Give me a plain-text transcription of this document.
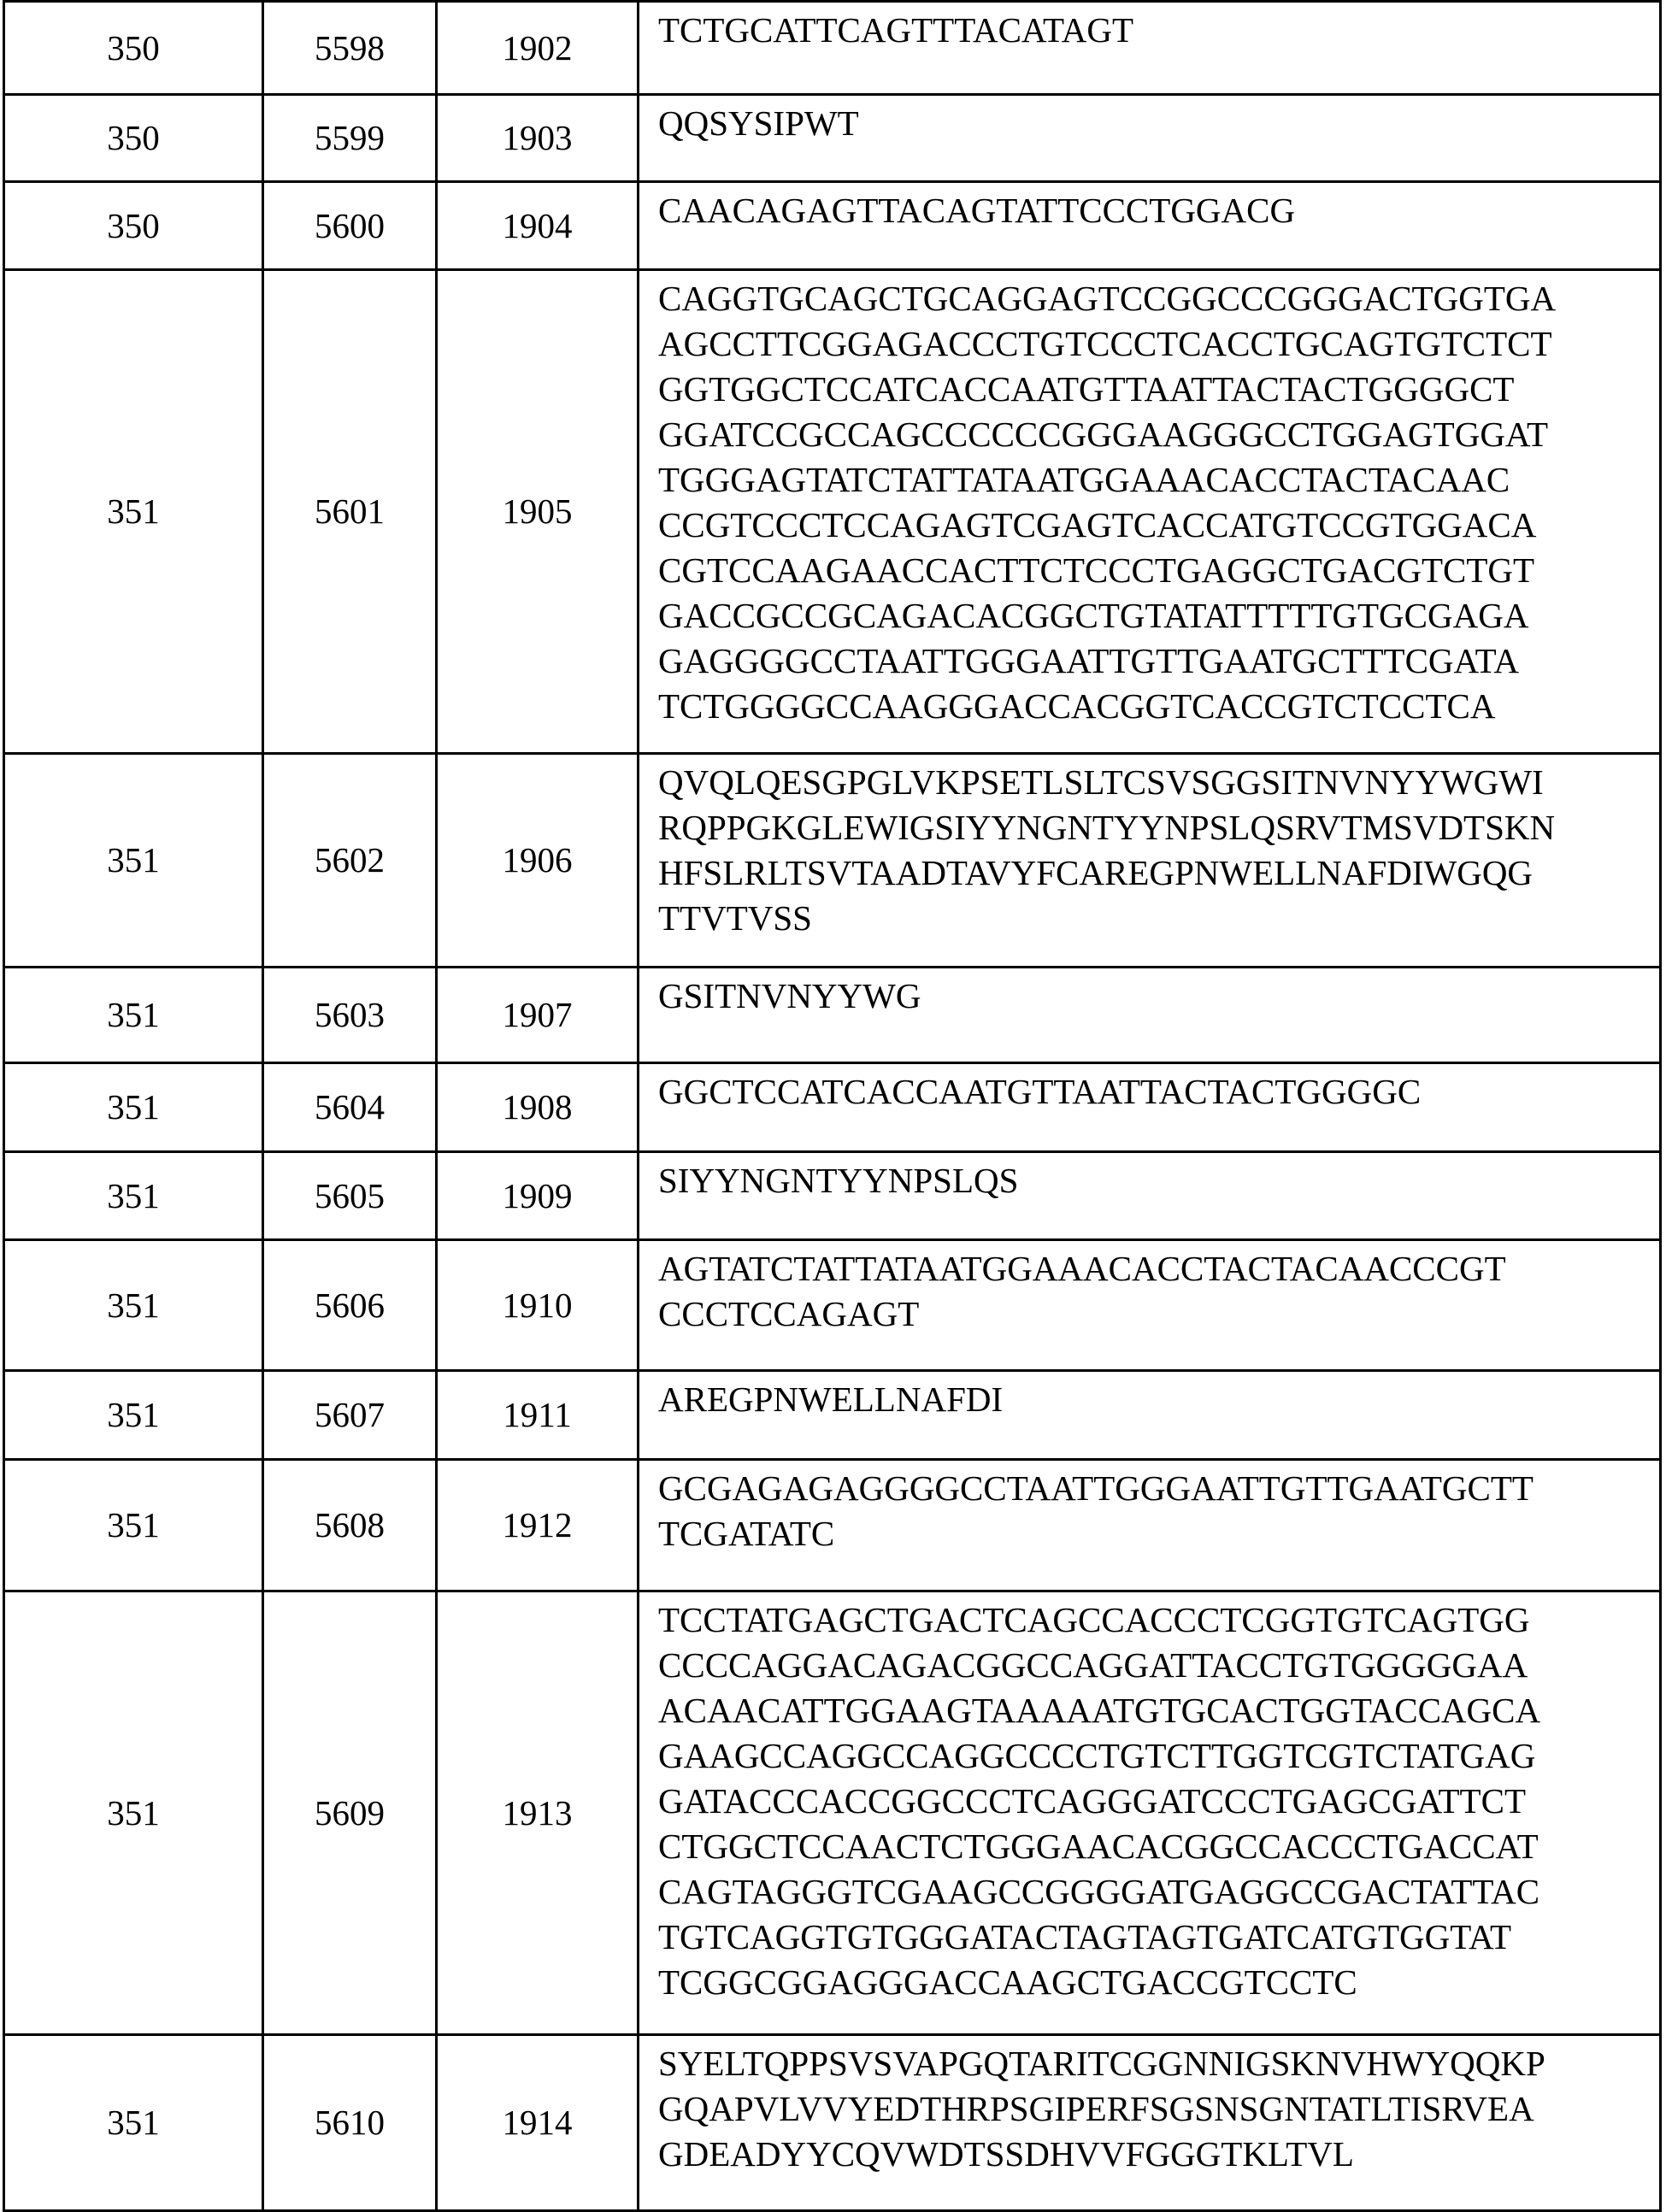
350	5598	1902	TCTGCATTCAGTTTACATAGT
350	5599	1903	QQSYSIPWT
350	5600	1904	CAACAGAGTTACAGTATTCCCTGGACG
351	5601	1905	CAGGTGCAGCTGCAGGAGTCCGGCCCGGGACTGGTGA
AGCCTTCGGAGACCCTGTCCCTCACCTGCAGTGTCTCT
GGTGGCTCCATCACCAATGTTAATTACTACTGGGGCT
GGATCCGCCAGCCCCCCGGGAAGGGCCTGGAGTGGAT
TGGGAGTATCTATTATAATGGAAACACCTACTACAAC
CCGTCCCTCCAGAGTCGAGTCACCATGTCCGTGGACA
CGTCCAAGAACCACTTCTCCCTGAGGCTGACGTCTGT
GACCGCCGCAGACACGGCTGTATATTTTTGTGCGAGA
GAGGGGCCTAATTGGGAATTGTTGAATGCTTTCGATA
TCTGGGGCCAAGGGACCACGGTCACCGTCTCCTCA
351	5602	1906	QVQLQESGPGLVKPSETLSLTCSVSGGSITNVNYYWGWI
RQPPGKGLEWIGSIYYNGNTYYNPSLQSRVTMSVDTSKN
HFSLRLTSVTAADTAVYFCAREGPNWELLNAFDIWGQG
TTVTVSS
351	5603	1907	GSITNVNYYWG
351	5604	1908	GGCTCCATCACCAATGTTAATTACTACTGGGGC
351	5605	1909	SIYYNGNTYYNPSLQS
351	5606	1910	AGTATCTATTATAATGGAAACACCTACTACAACCCGT
CCCTCCAGAGT
351	5607	1911	AREGPNWELLNAFDI
351	5608	1912	GCGAGAGAGGGGCCTAATTGGGAATTGTTGAATGCTT
TCGATATC
351	5609	1913	TCCTATGAGCTGACTCAGCCACCCTCGGTGTCAGTGG
CCCCAGGACAGACGGCCAGGATTACCTGTGGGGGAA
ACAACATTGGAAGTAAAAATGTGCACTGGTACCAGCA
GAAGCCAGGCCAGGCCCCTGTCTTGGTCGTCTATGAG
GATACCCACCGGCCCTCAGGGATCCCTGAGCGATTCT
CTGGCTCCAACTCTGGGAACACGGCCACCCTGACCAT
CAGTAGGGTCGAAGCCGGGGATGAGGCCGACTATTAC
TGTCAGGTGTGGGATACTAGTAGTGATCATGTGGTAT
TCGGCGGAGGGACCAAGCTGACCGTCCTC
351	5610	1914	SYELTQPPSVSVAPGQTARITCGGNNIGSKNVHWYQQKP
GQAPVLVVYEDTHRPSGIPERFSGSNSGNTATLTISRVEA
GDEADYYCQVWDTSSDHVVFGGGTKLTVL
